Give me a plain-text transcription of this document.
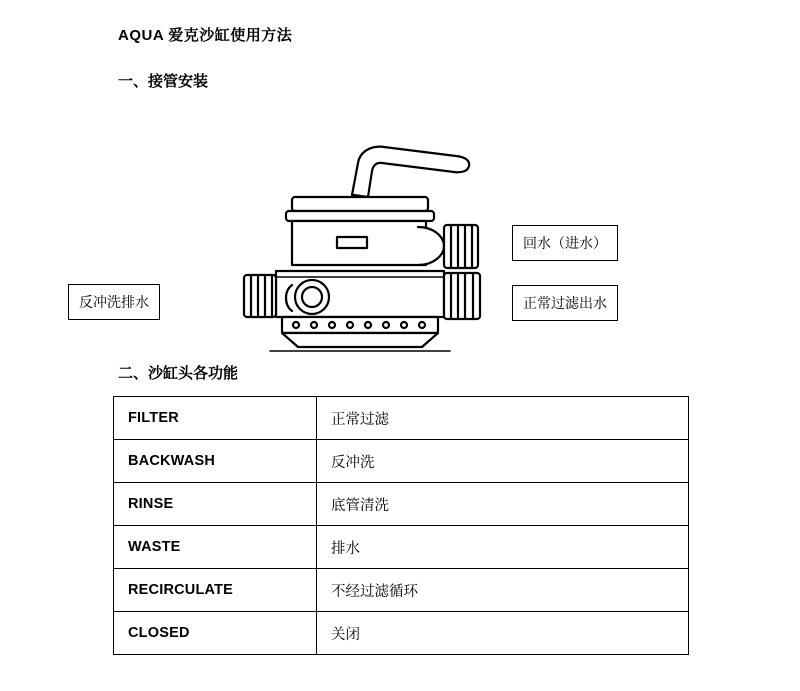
AQUA 爱克沙缸使用方法
一、接管安装
反冲洗排水
回水（进水）
正常过滤出水
二、沙缸头各功能
FILTER	正常过滤
BACKWASH	反冲洗
RINSE	底管清洗
WASTE	排水
RECIRCULATE	不经过滤循环
CLOSED	关闭
